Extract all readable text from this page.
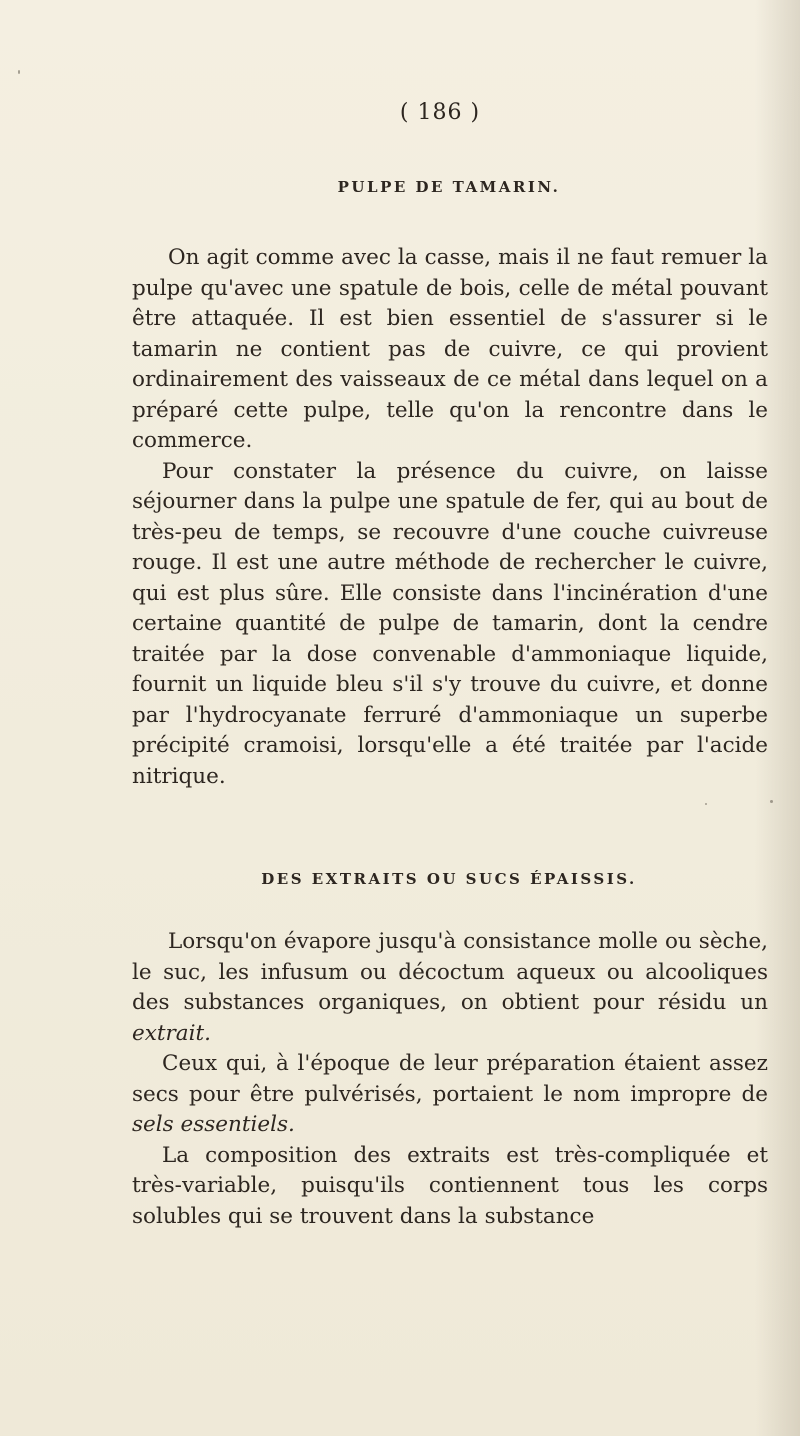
( 186 )
PULPE DE TAMARIN.

On agit comme avec la casse, mais il ne faut remuer la pulpe qu'avec une spatule de bois, celle de métal pouvant être attaquée. Il est bien essentiel de s'assurer si le tamarin ne contient pas de cuivre, ce qui provient ordinairement des vaisseaux de ce métal dans lequel on a préparé cette pulpe, telle qu'on la rencontre dans le commerce.

Pour constater la présence du cuivre, on laisse séjourner dans la pulpe une spatule de fer, qui au bout de très-peu de temps, se recouvre d'une couche cuivreuse rouge. Il est une autre méthode de rechercher le cuivre, qui est plus sûre. Elle consiste dans l'incinération d'une certaine quantité de pulpe de tamarin, dont la cendre traitée par la dose convenable d'ammoniaque liquide, fournit un liquide bleu s'il s'y trouve du cuivre, et donne par l'hydrocyanate ferruré d'ammoniaque un superbe précipité cramoisi, lorsqu'elle a été traitée par l'acide nitrique.

DES EXTRAITS OU SUCS ÉPAISSIS.

Lorsqu'on évapore jusqu'à consistance molle ou sèche, le suc, les infusum ou décoctum aqueux ou alcooliques des substances organiques, on obtient pour résidu un extrait.

Ceux qui, à l'époque de leur préparation étaient assez secs pour être pulvérisés, portaient le nom impropre de sels essentiels.

La composition des extraits est très-compliquée et très-variable, puisqu'ils contiennent tous les corps solubles qui se trouvent dans la substance
